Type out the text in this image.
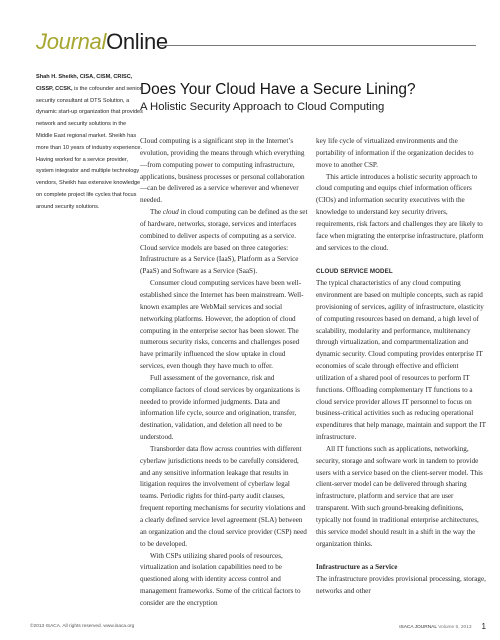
JournalOnline
Shah H. Sheikh, CISA, CISM, CRISC, CISSP, CCSK, is the cofounder and senior security consultant at DTS Solution, a dynamic start-up organization that provides network and security solutions in the Middle East regional market. Sheikh has more than 10 years of industry experience. Having worked for a service provider, system integrator and multiple technology vendors, Sheikh has extensive knowledge on complete project life cycles that focus around security solutions.
Does Your Cloud Have a Secure Lining?
A Holistic Security Approach to Cloud Computing

Cloud computing is a significant step in the Internet’s evolution, providing the means through which everything—from computing power to computing infrastructure, applications, business processes or personal collaboration—can be delivered as a service wherever and whenever needed.

The cloud in cloud computing can be defined as the set of hardware, networks, storage, services and interfaces combined to deliver aspects of computing as a service. Cloud service models are based on three categories: Infrastructure as a Service (IaaS), Platform as a Service (PaaS) and Software as a Service (SaaS).

Consumer cloud computing services have been well-established since the Internet has been mainstream. Well-known examples are WebMail services and social networking platforms. However, the adoption of cloud computing in the enterprise sector has been slower. The numerous security risks, concerns and challenges posed have primarily influenced the slow uptake in cloud services, even though they have much to offer.

Full assessment of the governance, risk and compliance factors of cloud services by organizations is needed to provide informed judgments. Data and information life cycle, source and origination, transfer, destination, validation, and deletion all need to be understood.

Transborder data flow across countries with different cyberlaw jurisdictions needs to be carefully considered, and any sensitive information leakage that results in litigation requires the involvement of cyberlaw legal teams. Periodic rights for third-party audit clauses, frequent reporting mechanisms for security violations and a clearly defined service level agreement (SLA) between an organization and the cloud service provider (CSP) need to be developed.

With CSPs utilizing shared pools of resources, virtualization and isolation capabilities need to be questioned along with identity access control and management frameworks. Some of the critical factors to consider are the encryption

key life cycle of virtualized environments and the portability of information if the organization decides to move to another CSP.

This article introduces a holistic security approach to cloud computing and equips chief information officers (CIOs) and information security executives with the knowledge to understand key security drivers, requirements, risk factors and challenges they are likely to face when migrating the enterprise infrastructure, platform and services to the cloud.

CLOUD SERVICE MODEL

The typical characteristics of any cloud computing environment are based on multiple concepts, such as rapid provisioning of services, agility of infrastructure, elasticity of computing resources based on demand, a high level of scalability, modularity and performance, multitenancy through virtualization, and compartmentalization and dynamic security. Cloud computing provides enterprise IT economies of scale through effective and efficient utilization of a shared pool of resources to perform IT functions. Offloading complementary IT functions to a cloud service provider allows IT personnel to focus on business-critical activities such as reducing operational expenditures that help manage, maintain and support the IT infrastructure.

All IT functions such as applications, networking, security, storage and software work in tandem to provide users with a service based on the client-server model. This client-server model can be delivered through sharing infrastructure, platform and service that are user transparent. With such ground-breaking definitions, typically not found in traditional enterprise architectures, this service model should result in a shift in the way the organization thinks.

Infrastructure as a Service

The infrastructure provides provisional processing, storage, networks and other

©2013 ISACA. All rights reserved. www.isaca.org	ISACA JOURNAL Volume 5, 2013 1
